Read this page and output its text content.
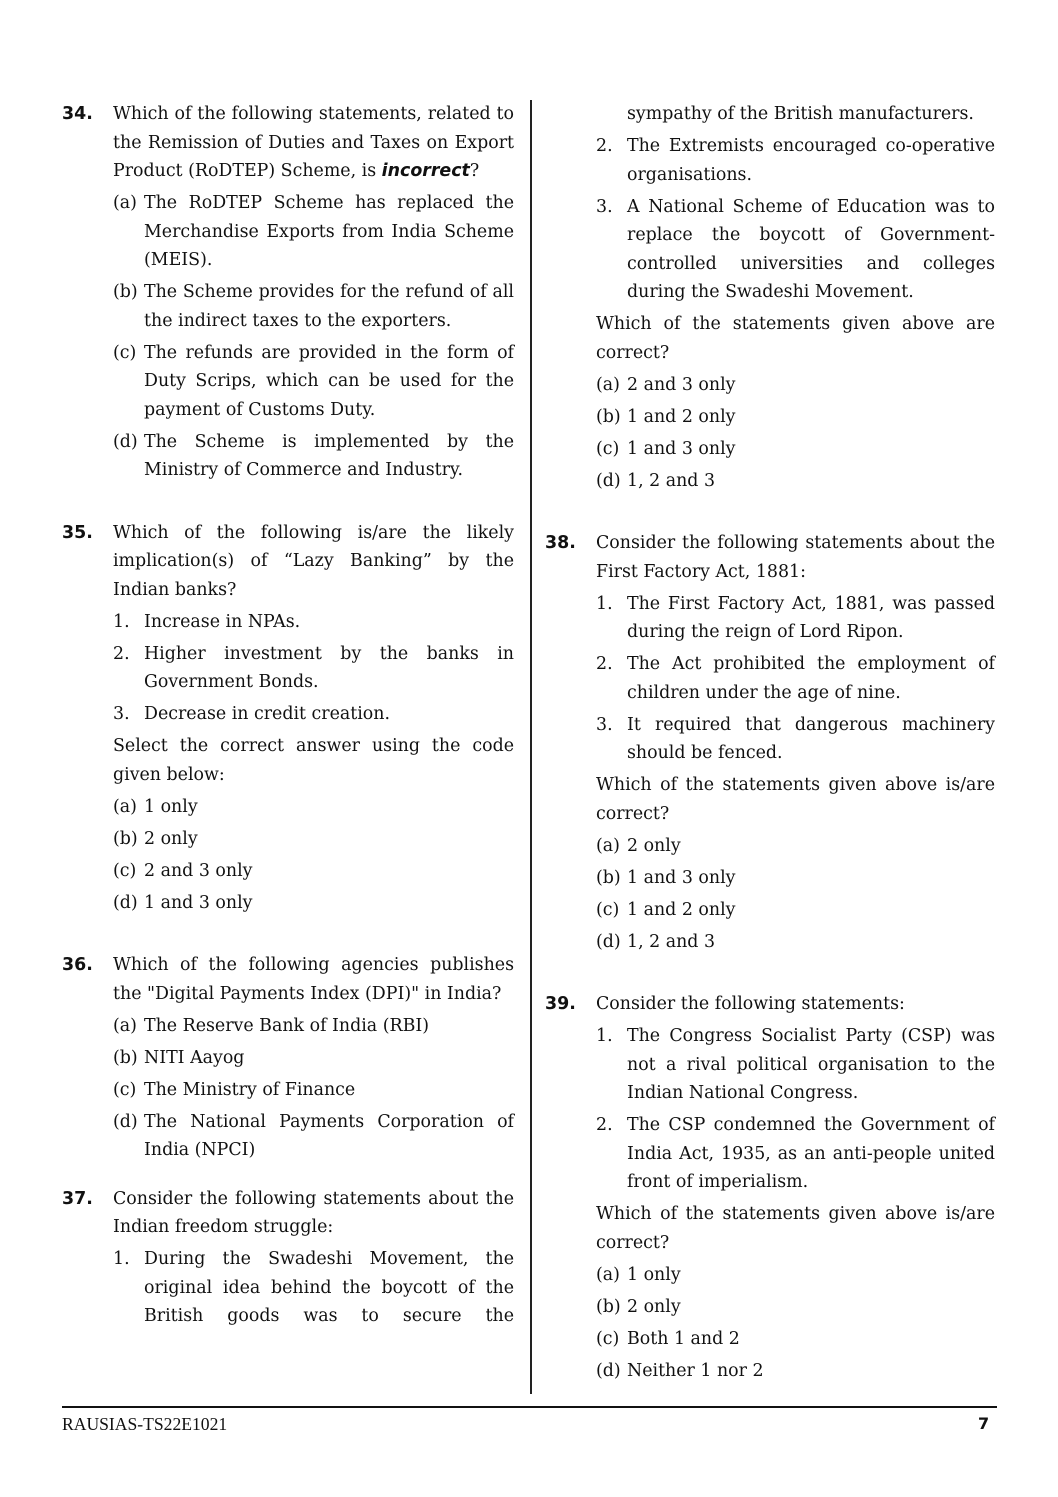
34. Which of the following statements, related to the Remission of Duties and Taxes on Export Product (RoDTEP) Scheme, is incorrect?
(a) The RoDTEP Scheme has replaced the Merchandise Exports from India Scheme (MEIS).
(b) The Scheme provides for the refund of all the indirect taxes to the exporters.
(c) The refunds are provided in the form of Duty Scrips, which can be used for the payment of Customs Duty.
(d) The Scheme is implemented by the Ministry of Commerce and Industry.
35. Which of the following is/are the likely implication(s) of “Lazy Banking” by the Indian banks?
1. Increase in NPAs.
2. Higher investment by the banks in Government Bonds.
3. Decrease in credit creation.
Select the correct answer using the code given below:
(a) 1 only
(b) 2 only
(c) 2 and 3 only
(d) 1 and 3 only
36. Which of the following agencies publishes the "Digital Payments Index (DPI)" in India?
(a) The Reserve Bank of India (RBI)
(b) NITI Aayog
(c) The Ministry of Finance
(d) The National Payments Corporation of India (NPCI)
37. Consider the following statements about the Indian freedom struggle:
1. During the Swadeshi Movement, the original idea behind the boycott of the British goods was to secure the
sympathy of the British manufacturers.
2. The Extremists encouraged co-operative organisations.
3. A National Scheme of Education was to replace the boycott of Government-controlled universities and colleges during the Swadeshi Movement.
Which of the statements given above are correct?
(a) 2 and 3 only
(b) 1 and 2 only
(c) 1 and 3 only
(d) 1, 2 and 3
38. Consider the following statements about the First Factory Act, 1881:
1. The First Factory Act, 1881, was passed during the reign of Lord Ripon.
2. The Act prohibited the employment of children under the age of nine.
3. It required that dangerous machinery should be fenced.
Which of the statements given above is/are correct?
(a) 2 only
(b) 1 and 3 only
(c) 1 and 2 only
(d) 1, 2 and 3
39. Consider the following statements:
1. The Congress Socialist Party (CSP) was not a rival political organisation to the Indian National Congress.
2. The CSP condemned the Government of India Act, 1935, as an anti-people united front of imperialism.
Which of the statements given above is/are correct?
(a) 1 only
(b) 2 only
(c) Both 1 and 2
(d) Neither 1 nor 2
RAUSIAS-TS22E1021	7
